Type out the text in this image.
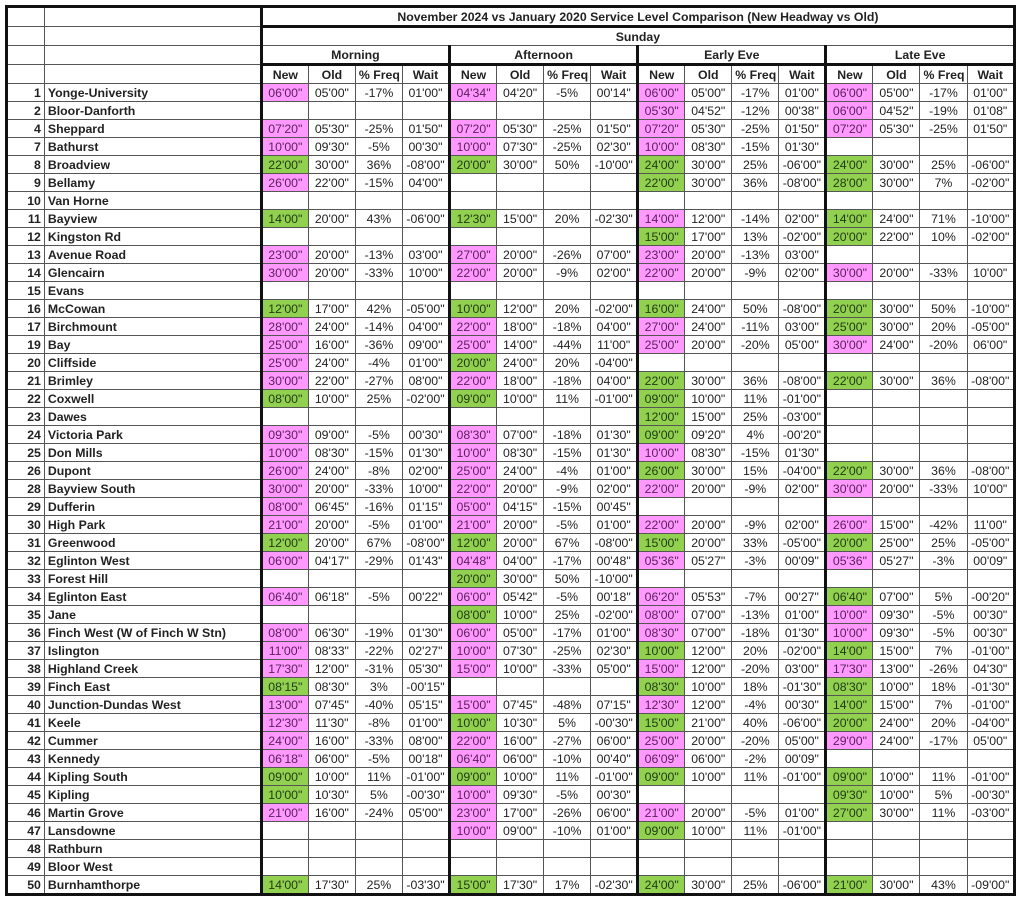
		November 2024 vs January 2020 Service Level Comparison (New Headway vs Old)															
		Sunday															
		Morning				Afternoon				Early Eve				Late Eve			
		New	Old	% Freq	Wait	New	Old	% Freq	Wait	New	Old	% Freq	Wait	New	Old	% Freq	Wait
1	Yonge-University	06'00"	05'00"	-17%	01'00"	04'34"	04'20"	-5%	00'14"	06'00"	05'00"	-17%	01'00"	06'00"	05'00"	-17%	01'00"
2	Bloor-Danforth									05'30"	04'52"	-12%	00'38"	06'00"	04'52"	-19%	01'08"
4	Sheppard	07'20"	05'30"	-25%	01'50"	07'20"	05'30"	-25%	01'50"	07'20"	05'30"	-25%	01'50"	07'20"	05'30"	-25%	01'50"
7	Bathurst	10'00"	09'30"	-5%	00'30"	10'00"	07'30"	-25%	02'30"	10'00"	08'30"	-15%	01'30"				
8	Broadview	22'00"	30'00"	36%	-08'00"	20'00"	30'00"	50%	-10'00"	24'00"	30'00"	25%	-06'00"	24'00"	30'00"	25%	-06'00"
9	Bellamy	26'00"	22'00"	-15%	04'00"					22'00"	30'00"	36%	-08'00"	28'00"	30'00"	7%	-02'00"
10	Van Horne																
11	Bayview	14'00"	20'00"	43%	-06'00"	12'30"	15'00"	20%	-02'30"	14'00"	12'00"	-14%	02'00"	14'00"	24'00"	71%	-10'00"
12	Kingston Rd									15'00"	17'00"	13%	-02'00"	20'00"	22'00"	10%	-02'00"
13	Avenue Road	23'00"	20'00"	-13%	03'00"	27'00"	20'00"	-26%	07'00"	23'00"	20'00"	-13%	03'00"				
14	Glencairn	30'00"	20'00"	-33%	10'00"	22'00"	20'00"	-9%	02'00"	22'00"	20'00"	-9%	02'00"	30'00"	20'00"	-33%	10'00"
15	Evans																
16	McCowan	12'00"	17'00"	42%	-05'00"	10'00"	12'00"	20%	-02'00"	16'00"	24'00"	50%	-08'00"	20'00"	30'00"	50%	-10'00"
17	Birchmount	28'00"	24'00"	-14%	04'00"	22'00"	18'00"	-18%	04'00"	27'00"	24'00"	-11%	03'00"	25'00"	30'00"	20%	-05'00"
19	Bay	25'00"	16'00"	-36%	09'00"	25'00"	14'00"	-44%	11'00"	25'00"	20'00"	-20%	05'00"	30'00"	24'00"	-20%	06'00"
20	Cliffside	25'00"	24'00"	-4%	01'00"	20'00"	24'00"	20%	-04'00"								
21	Brimley	30'00"	22'00"	-27%	08'00"	22'00"	18'00"	-18%	04'00"	22'00"	30'00"	36%	-08'00"	22'00"	30'00"	36%	-08'00"
22	Coxwell	08'00"	10'00"	25%	-02'00"	09'00"	10'00"	11%	-01'00"	09'00"	10'00"	11%	-01'00"				
23	Dawes									12'00"	15'00"	25%	-03'00"				
24	Victoria Park	09'30"	09'00"	-5%	00'30"	08'30"	07'00"	-18%	01'30"	09'00"	09'20"	4%	-00'20"				
25	Don Mills	10'00"	08'30"	-15%	01'30"	10'00"	08'30"	-15%	01'30"	10'00"	08'30"	-15%	01'30"				
26	Dupont	26'00"	24'00"	-8%	02'00"	25'00"	24'00"	-4%	01'00"	26'00"	30'00"	15%	-04'00"	22'00"	30'00"	36%	-08'00"
28	Bayview South	30'00"	20'00"	-33%	10'00"	22'00"	20'00"	-9%	02'00"	22'00"	20'00"	-9%	02'00"	30'00"	20'00"	-33%	10'00"
29	Dufferin	08'00"	06'45"	-16%	01'15"	05'00"	04'15"	-15%	00'45"								
30	High Park	21'00"	20'00"	-5%	01'00"	21'00"	20'00"	-5%	01'00"	22'00"	20'00"	-9%	02'00"	26'00"	15'00"	-42%	11'00"
31	Greenwood	12'00"	20'00"	67%	-08'00"	12'00"	20'00"	67%	-08'00"	15'00"	20'00"	33%	-05'00"	20'00"	25'00"	25%	-05'00"
32	Eglinton West	06'00"	04'17"	-29%	01'43"	04'48"	04'00"	-17%	00'48"	05'36"	05'27"	-3%	00'09"	05'36"	05'27"	-3%	00'09"
33	Forest Hill					20'00"	30'00"	50%	-10'00"								
34	Eglinton East	06'40"	06'18"	-5%	00'22"	06'00"	05'42"	-5%	00'18"	06'20"	05'53"	-7%	00'27"	06'40"	07'00"	5%	-00'20"
35	Jane					08'00"	10'00"	25%	-02'00"	08'00"	07'00"	-13%	01'00"	10'00"	09'30"	-5%	00'30"
36	Finch West (W of Finch W Stn)	08'00"	06'30"	-19%	01'30"	06'00"	05'00"	-17%	01'00"	08'30"	07'00"	-18%	01'30"	10'00"	09'30"	-5%	00'30"
37	Islington	11'00"	08'33"	-22%	02'27"	10'00"	07'30"	-25%	02'30"	10'00"	12'00"	20%	-02'00"	14'00"	15'00"	7%	-01'00"
38	Highland Creek	17'30"	12'00"	-31%	05'30"	15'00"	10'00"	-33%	05'00"	15'00"	12'00"	-20%	03'00"	17'30"	13'00"	-26%	04'30"
39	Finch East	08'15"	08'30"	3%	-00'15"					08'30"	10'00"	18%	-01'30"	08'30"	10'00"	18%	-01'30"
40	Junction-Dundas West	13'00"	07'45"	-40%	05'15"	15'00"	07'45"	-48%	07'15"	12'30"	12'00"	-4%	00'30"	14'00"	15'00"	7%	-01'00"
41	Keele	12'30"	11'30"	-8%	01'00"	10'00"	10'30"	5%	-00'30"	15'00"	21'00"	40%	-06'00"	20'00"	24'00"	20%	-04'00"
42	Cummer	24'00"	16'00"	-33%	08'00"	22'00"	16'00"	-27%	06'00"	25'00"	20'00"	-20%	05'00"	29'00"	24'00"	-17%	05'00"
43	Kennedy	06'18"	06'00"	-5%	00'18"	06'40"	06'00"	-10%	00'40"	06'09"	06'00"	-2%	00'09"				
44	Kipling South	09'00"	10'00"	11%	-01'00"	09'00"	10'00"	11%	-01'00"	09'00"	10'00"	11%	-01'00"	09'00"	10'00"	11%	-01'00"
45	Kipling	10'00"	10'30"	5%	-00'30"	10'00"	09'30"	-5%	00'30"					09'30"	10'00"	5%	-00'30"
46	Martin Grove	21'00"	16'00"	-24%	05'00"	23'00"	17'00"	-26%	06'00"	21'00"	20'00"	-5%	01'00"	27'00"	30'00"	11%	-03'00"
47	Lansdowne					10'00"	09'00"	-10%	01'00"	09'00"	10'00"	11%	-01'00"				
48	Rathburn																
49	Bloor West																
50	Burnhamthorpe	14'00"	17'30"	25%	-03'30"	15'00"	17'30"	17%	-02'30"	24'00"	30'00"	25%	-06'00"	21'00"	30'00"	43%	-09'00"
